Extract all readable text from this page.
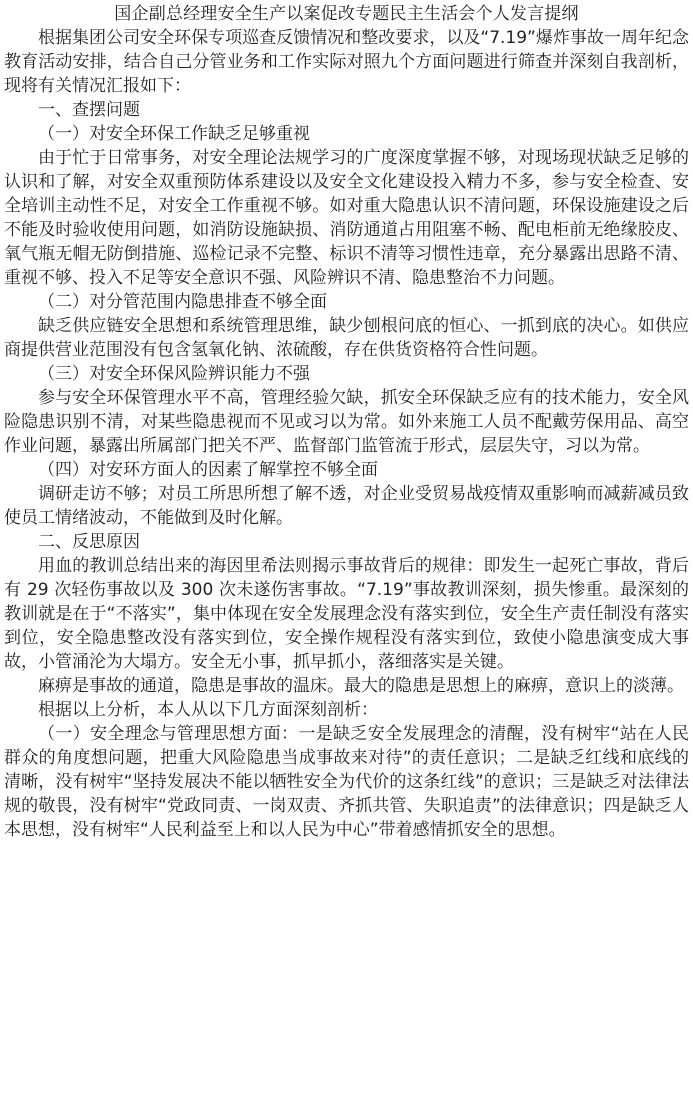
国企副总经理安全生产以案促改专题民主生活会个人发言提纲

根据集团公司安全环保专项巡查反馈情况和整改要求，以及“7.19”爆炸事故一周年纪念教育活动安排，结合自己分管业务和工作实际对照九个方面问题进行筛查并深刻自我剖析，现将有关情况汇报如下：

一、查摆问题

（一）对安全环保工作缺乏足够重视

由于忙于日常事务，对安全理论法规学习的广度深度掌握不够，对现场现状缺乏足够的认识和了解，对安全双重预防体系建设以及安全文化建设投入精力不多，参与安全检查、安全培训主动性不足，对安全工作重视不够。如对重大隐患认识不清问题，环保设施建设之后不能及时验收使用问题，如消防设施缺损、消防通道占用阻塞不畅、配电柜前无绝缘胶皮、氧气瓶无帽无防倒措施、巡检记录不完整、标识不清等习惯性违章，充分暴露出思路不清、重视不够、投入不足等安全意识不强、风险辨识不清、隐患整治不力问题。

（二）对分管范围内隐患排查不够全面

缺乏供应链安全思想和系统管理思维，缺少刨根问底的恒心、一抓到底的决心。如供应商提供营业范围没有包含氢氧化钠、浓硫酸，存在供货资格符合性问题。

（三）对安全环保风险辨识能力不强

参与安全环保管理水平不高，管理经验欠缺，抓安全环保缺乏应有的技术能力，安全风险隐患识别不清，对某些隐患视而不见或习以为常。如外来施工人员不配戴劳保用品、高空作业问题，暴露出所属部门把关不严、监督部门监管流于形式，层层失守，习以为常。

（四）对安环方面人的因素了解掌控不够全面

调研走访不够；对员工所思所想了解不透，对企业受贸易战疫情双重影响而减薪减员致使员工情绪波动，不能做到及时化解。

二、反思原因

用血的教训总结出来的海因里希法则揭示事故背后的规律：即发生一起死亡事故，背后有 29 次轻伤事故以及 300 次未遂伤害事故。“7.19”事故教训深刻，损失惨重。最深刻的教训就是在于“不落实”，集中体现在安全发展理念没有落实到位，安全生产责任制没有落实到位，安全隐患整改没有落实到位，安全操作规程没有落实到位，致使小隐患演变成大事故，小管涌沦为大塌方。安全无小事，抓早抓小，落细落实是关键。

麻痹是事故的通道，隐患是事故的温床。最大的隐患是思想上的麻痹，意识上的淡薄。

根据以上分析，本人从以下几方面深刻剖析：

（一）安全理念与管理思想方面：一是缺乏安全发展理念的清醒，没有树牢“站在人民群众的角度想问题，把重大风险隐患当成事故来对待”的责任意识；二是缺乏红线和底线的清晰，没有树牢“坚持发展决不能以牺牲安全为代价的这条红线”的意识；三是缺乏对法律法规的敬畏，没有树牢“党政同责、一岗双责、齐抓共管、失职追责”的法律意识；四是缺乏人本思想，没有树牢“人民利益至上和以人民为中心”带着感情抓安全的思想。
